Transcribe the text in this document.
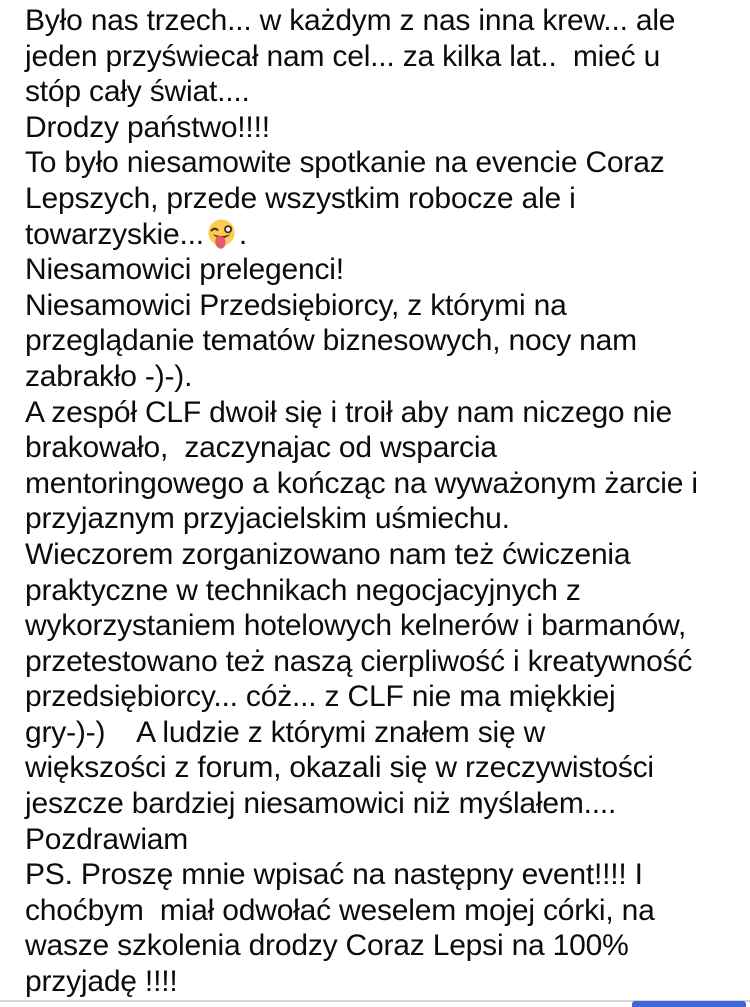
Było nas trzech... w każdym z nas inna krew... ale
jeden przyświecał nam cel... za kilka lat..  mieć u
stóp cały świat....
Drodzy państwo!!!!
To było niesamowite spotkanie na evencie Coraz
Lepszych, przede wszystkim robocze ale i
towarzyskie... .
Niesamowici prelegenci!
Niesamowici Przedsiębiorcy, z którymi na
przeglądanie tematów biznesowych, nocy nam
zabrakło -)-).
A zespół CLF dwoił się i troił aby nam niczego nie
brakowało,  zaczynajac od wsparcia
mentoringowego a kończąc na wyważonym żarcie i
przyjaznym przyjacielskim uśmiechu.
Wieczorem zorganizowano nam też ćwiczenia
praktyczne w technikach negocjacyjnych z
wykorzystaniem hotelowych kelnerów i barmanów,
przetestowano też naszą cierpliwość i kreatywność
przedsiębiorcy... cóż... z CLF nie ma miękkiej
gry-)-)    A ludzie z którymi znałem się w
większości z forum, okazali się w rzeczywistości
jeszcze bardziej niesamowici niż myślałem....
Pozdrawiam
PS. Proszę mnie wpisać na następny event!!!! I
choćbym  miał odwołać weselem mojej córki, na
wasze szkolenia drodzy Coraz Lepsi na 100%
przyjadę !!!!
